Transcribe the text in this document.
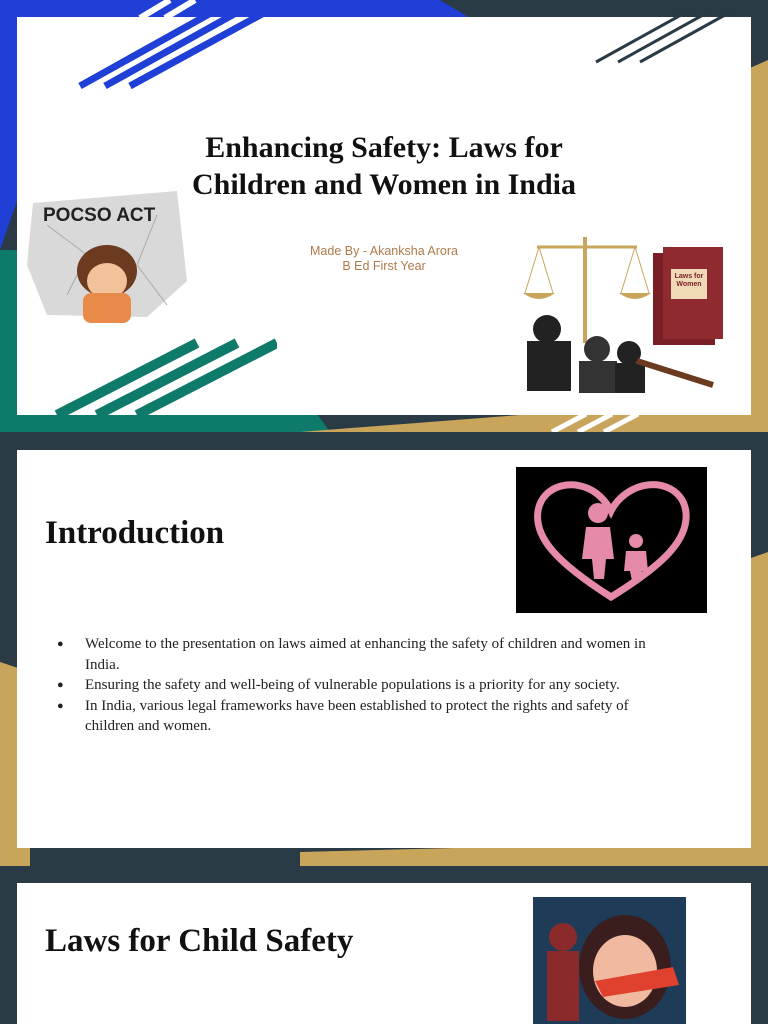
Enhancing Safety: Laws for
Children and Women in India
Made By - Akanksha Arora
B Ed First Year
POCSO ACT
Laws for Women
Introduction
● Welcome to the presentation on laws aimed at enhancing the safety of children and women in India.
● Ensuring the safety and well-being of vulnerable populations is a priority for any society.
● In India, various legal frameworks have been established to protect the rights and safety of children and women.
Laws for Child Safety
